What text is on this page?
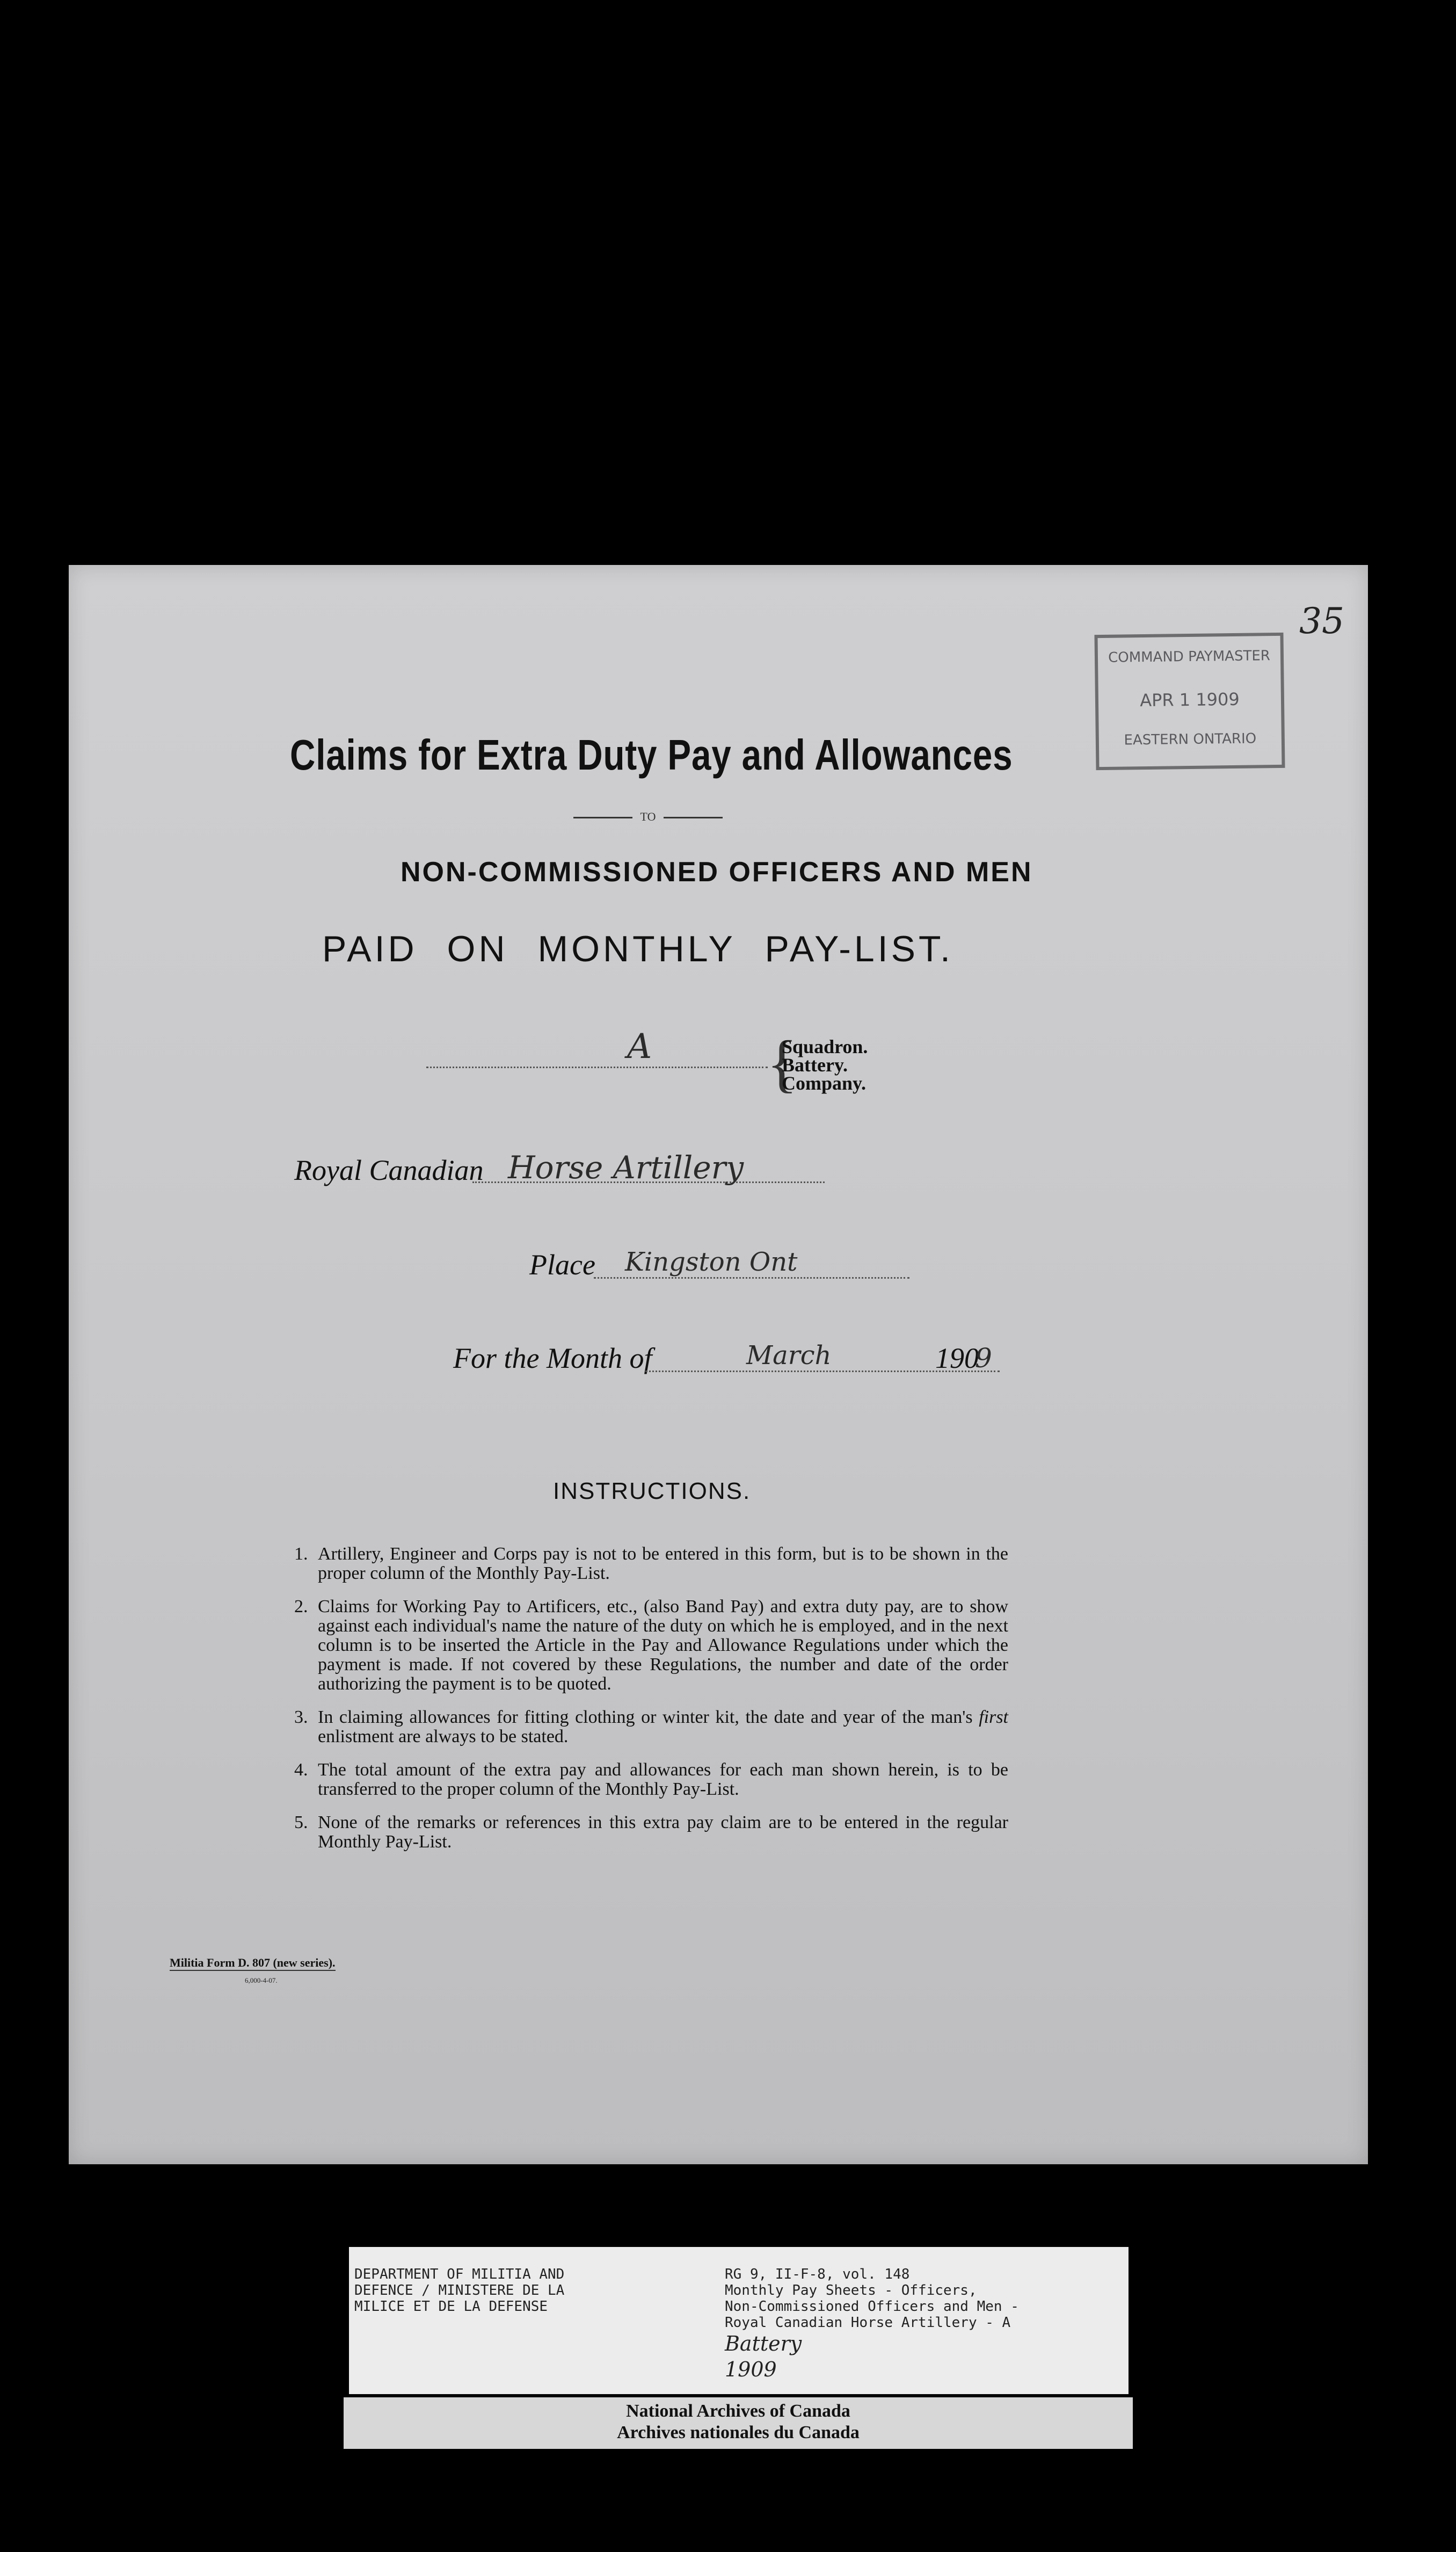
35
COMMAND PAYMASTER
APR 1 1909
EASTERN ONTARIO
Claims for Extra Duty Pay and Allowances
TO
NON-COMMISSIONED OFFICERS AND MEN
PAID ON MONTHLY PAY-LIST.
A {
Squadron.
Battery.
Company.
Royal Canadian Horse Artillery
Place Kingston Ont
For the Month of	March	190
9
INSTRUCTIONS.
1. Artillery, Engineer and Corps pay is not to be entered in this form, but is to be shown in the proper column of the Monthly Pay-List.
2. Claims for Working Pay to Artificers, etc., (also Band Pay) and extra duty pay, are to show against each individual's name the nature of the duty on which he is employed, and in the next column is to be inserted the Article in the Pay and Allowance Regulations under which the payment is made. If not covered by these Regulations, the number and date of the order authorizing the payment is to be quoted.
3. In claiming allowances for fitting clothing or winter kit, the date and year of the man's first enlistment are always to be stated.
4. The total amount of the extra pay and allowances for each man shown herein, is to be transferred to the proper column of the Monthly Pay-List.
5. None of the remarks or references in this extra pay claim are to be entered in the regular Monthly Pay-List.
Militia Form D. 807 (new series).
6,000-4-07.
DEPARTMENT OF MILITIA AND
DEFENCE / MINISTERE DE LA
MILICE ET DE LA DEFENSE
RG 9, II-F-8, vol. 148
Monthly Pay Sheets - Officers,
Non-Commissioned Officers and Men -
Royal Canadian Horse Artillery - A
Battery
1909
National Archives of Canada
Archives nationales du Canada
